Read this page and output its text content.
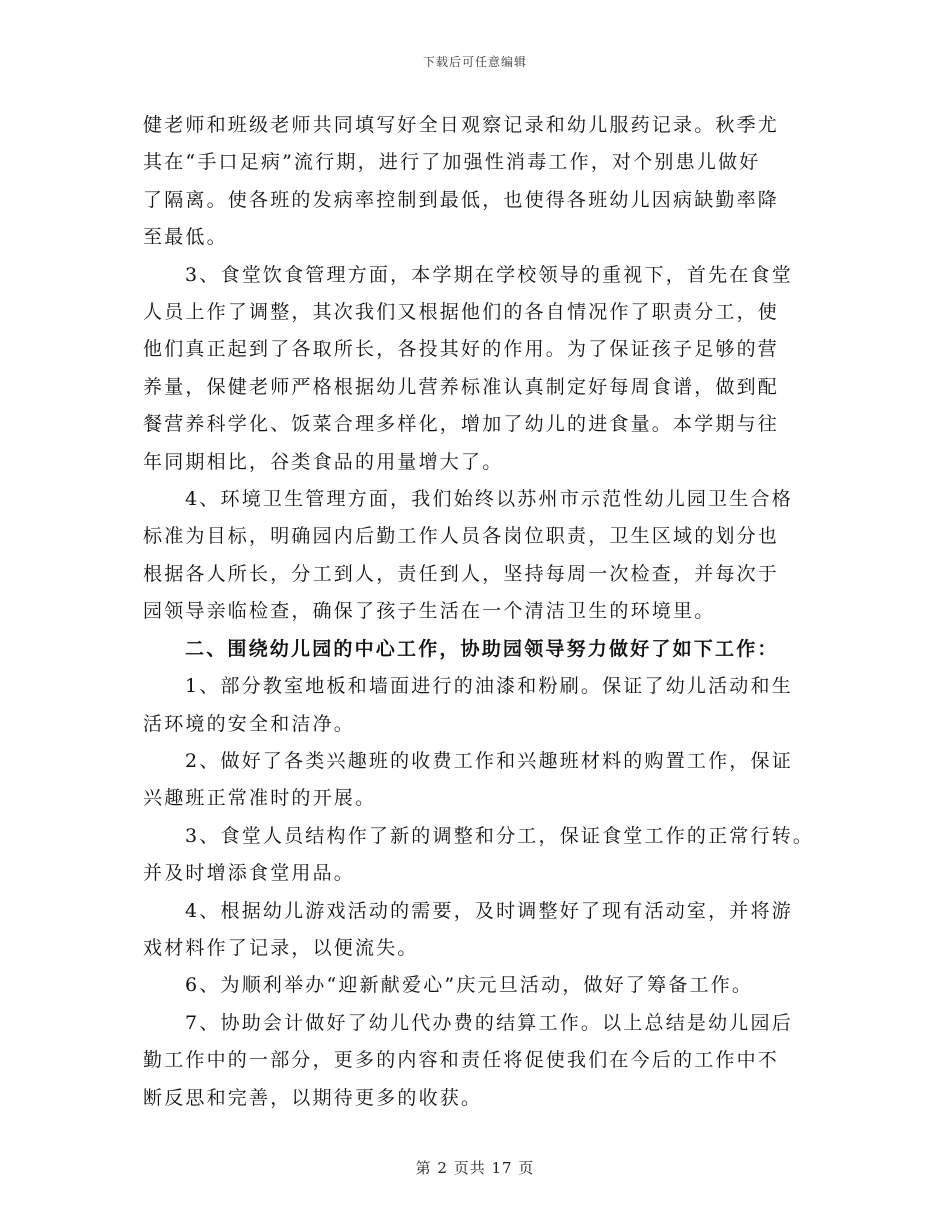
下载后可任意编辑

健老师和班级老师共同填写好全日观察记录和幼儿服药记录。秋季尤
其在“手口足病”流行期，进行了加强性消毒工作，对个别患儿做好
了隔离。使各班的发病率控制到最低，也使得各班幼儿因病缺勤率降
至最低。

3、食堂饮食管理方面，本学期在学校领导的重视下，首先在食堂
人员上作了调整，其次我们又根据他们的各自情况作了职责分工，使
他们真正起到了各取所长，各投其好的作用。为了保证孩子足够的营
养量，保健老师严格根据幼儿营养标准认真制定好每周食谱，做到配
餐营养科学化、饭菜合理多样化，增加了幼儿的进食量。本学期与往
年同期相比，谷类食品的用量增大了。

4、环境卫生管理方面，我们始终以苏州市示范性幼儿园卫生合格
标准为目标，明确园内后勤工作人员各岗位职责，卫生区域的划分也
根据各人所长，分工到人，责任到人，坚持每周一次检查，并每次于
园领导亲临检查，确保了孩子生活在一个清洁卫生的环境里。

二、围绕幼儿园的中心工作，协助园领导努力做好了如下工作：

1、部分教室地板和墙面进行的油漆和粉刷。保证了幼儿活动和生
活环境的安全和洁净。

2、做好了各类兴趣班的收费工作和兴趣班材料的购置工作，保证
兴趣班正常准时的开展。

3、食堂人员结构作了新的调整和分工，保证食堂工作的正常行转。
并及时增添食堂用品。

4、根据幼儿游戏活动的需要，及时调整好了现有活动室，并将游
戏材料作了记录，以便流失。

6、为顺利举办“迎新献爱心”庆元旦活动，做好了筹备工作。

7、协助会计做好了幼儿代办费的结算工作。以上总结是幼儿园后
勤工作中的一部分，更多的内容和责任将促使我们在今后的工作中不
断反思和完善，以期待更多的收获。

第 2 页共 17 页
